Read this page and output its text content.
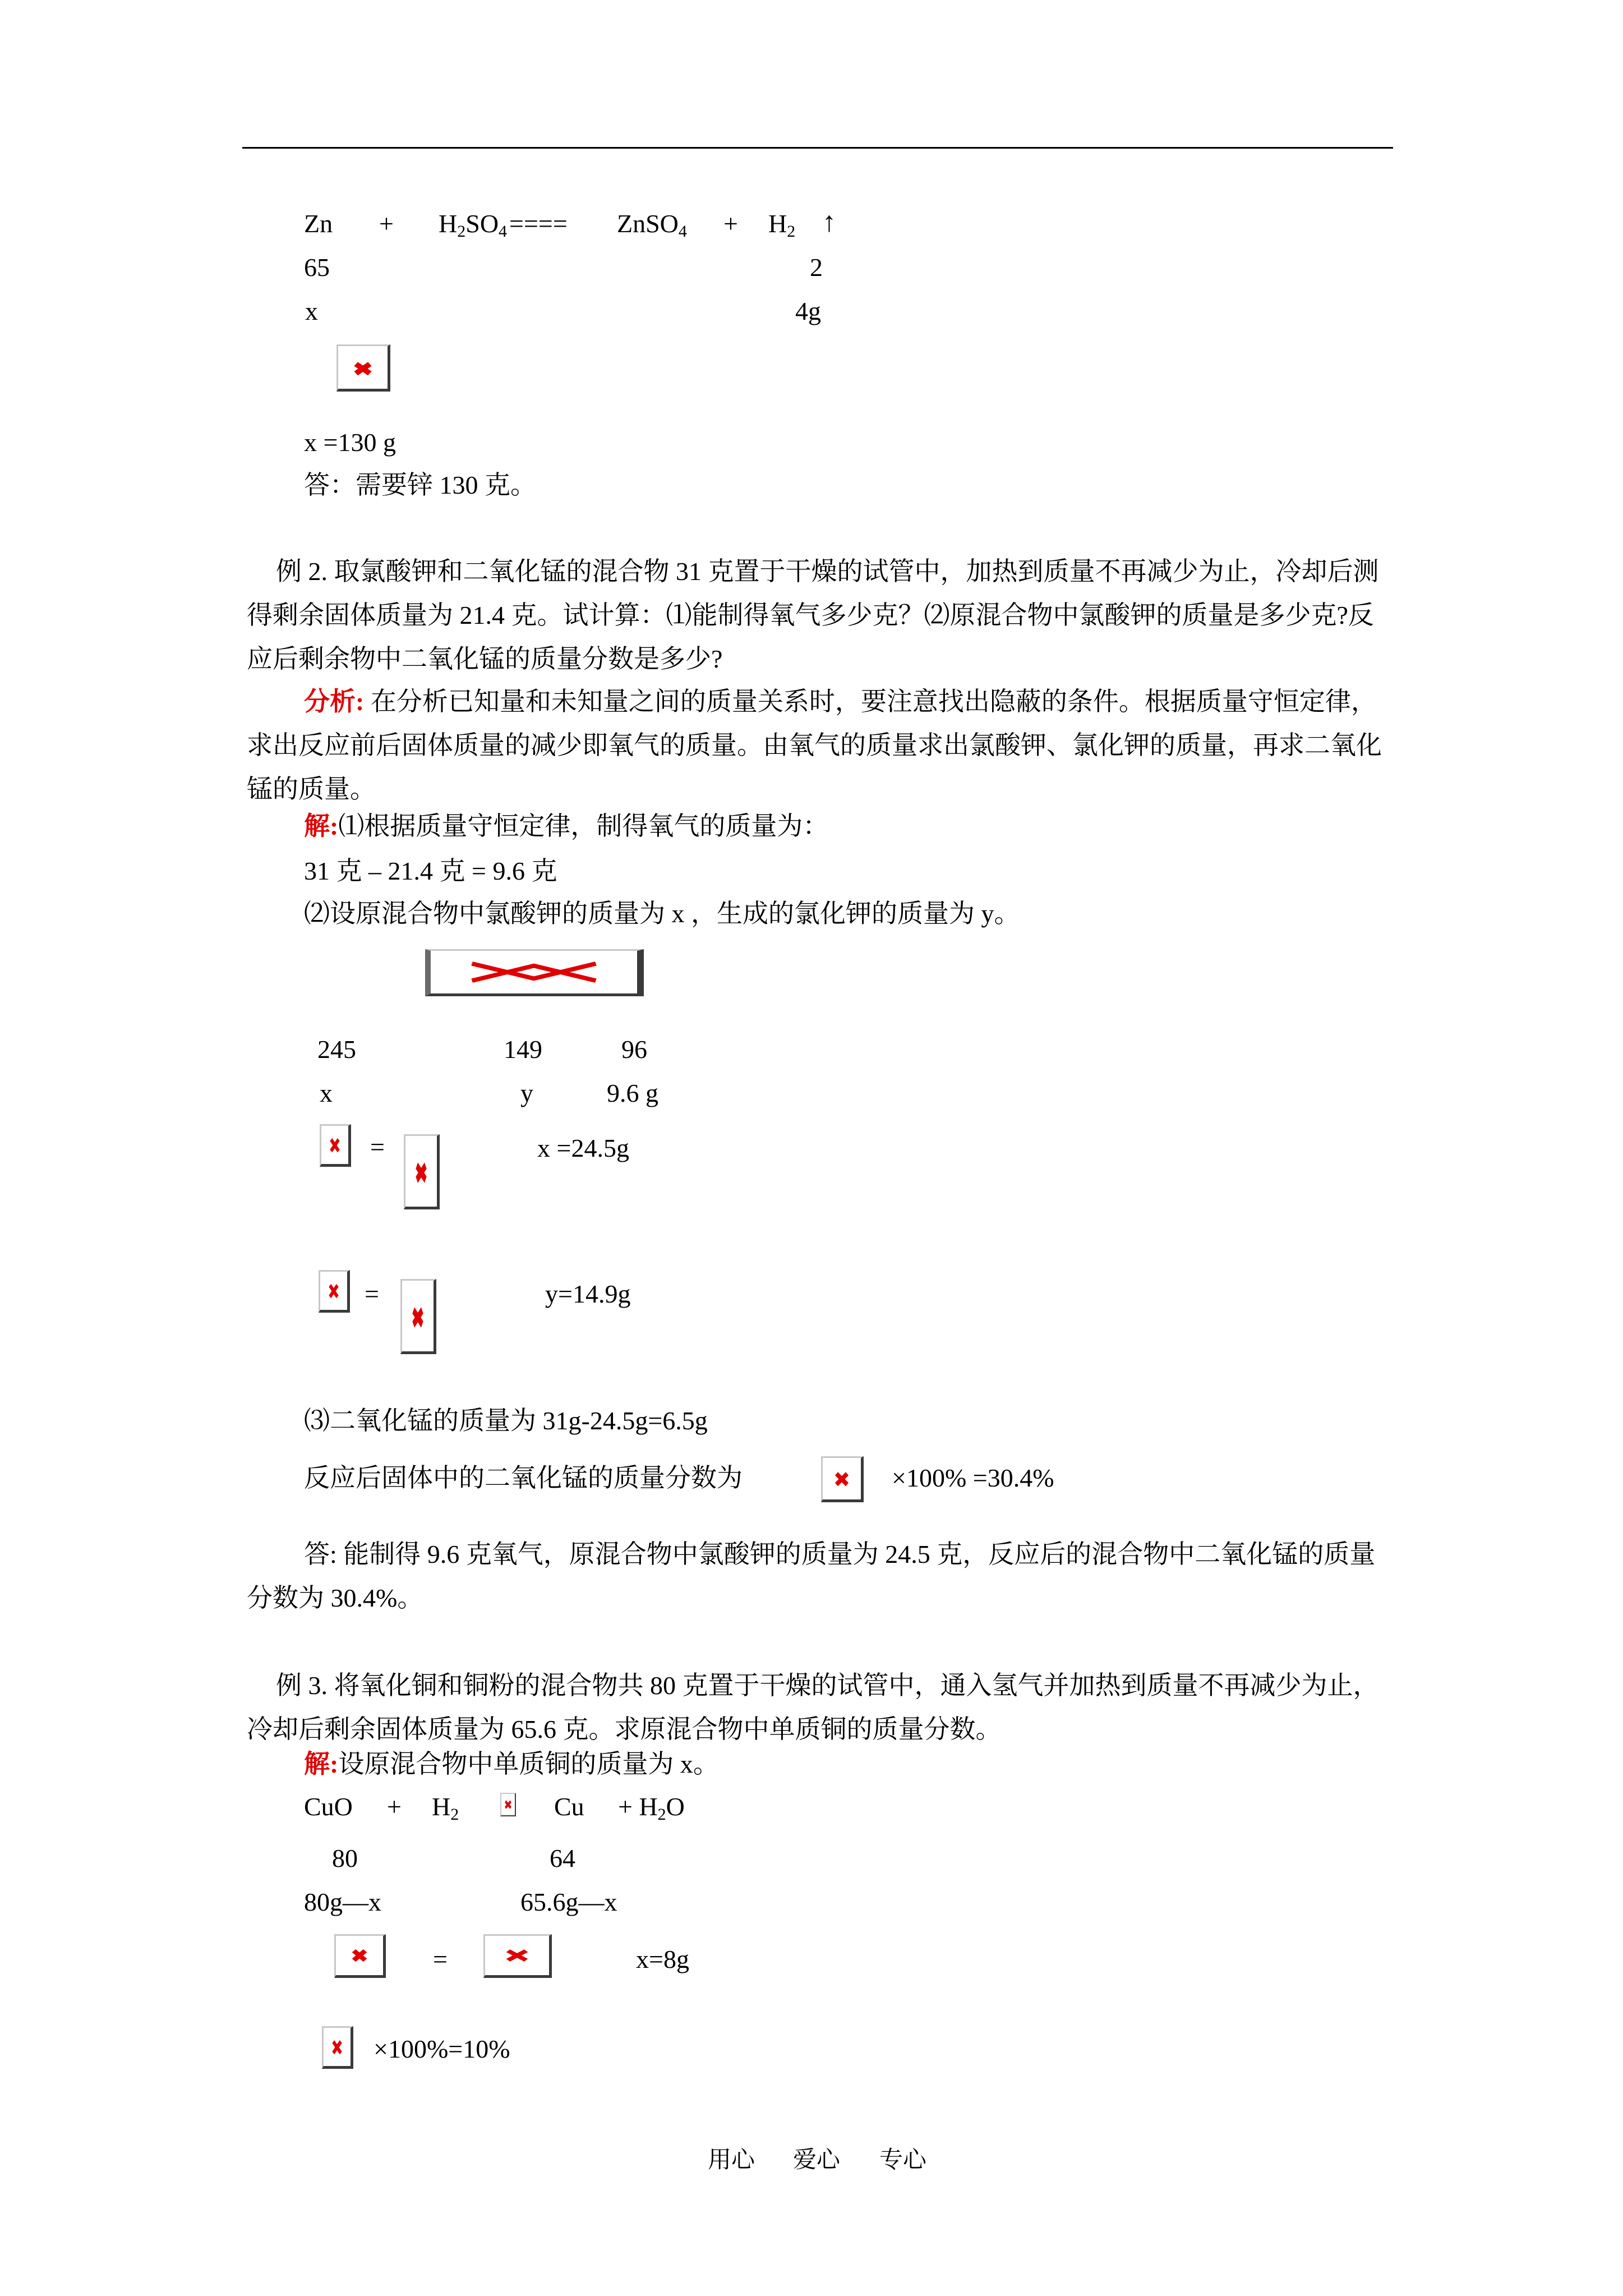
$Zn + H_2SO_4====$ ZnSO$_4$ + $H_2$ ↑
65	2
x	4g
x =130 g
答：需要锌 130 克。
例 2. 取氯酸钾和二氧化锰的混合物 31 克置于干燥的试管中，加热到质量不再减少为止，冷却后测得剩余固体质量为 21.4 克。试计算：⑴能制得氧气多少克？⑵原混合物中氯酸钾的质量是多少克?反应后剩余物中二氧化锰的质量分数是多少?
分析: 在分析已知量和未知量之间的质量关系时，要注意找出隐蔽的条件。根据质量守恒定律，求出反应前后固体质量的减少即氧气的质量。由氧气的质量求出氯酸钾、氯化钾的质量，再求二氧化锰的质量。
解:⑴根据质量守恒定律，制得氧气的质量为：
31 克 – 21.4 克 = 9.6 克
⑵设原混合物中氯酸钾的质量为 x ，生成的氯化钾的质量为 y。
245	149	96
x	y	9.6 g
=	x =24.5g
=	y=14.9g
⑶二氧化锰的质量为 31g-24.5g=6.5g
反应后固体中的二氧化锰的质量分数为	×100% =30.4%
答: 能制得 9.6 克氧气，原混合物中氯酸钾的质量为 24.5 克，反应后的混合物中二氧化锰的质量分数为 30.4%。
例 3. 将氧化铜和铜粉的混合物共 80 克置于干燥的试管中，通入氢气并加热到质量不再减少为止，冷却后剩余固体质量为 65.6 克。求原混合物中单质铜的质量分数。
解:设原混合物中单质铜的质量为 x。
CuO + $H_2$	$Cu + H_2O$
80	64
80g—x	65.6g—x
=	x=8g
×100%=10%
用心 爱心 专心
